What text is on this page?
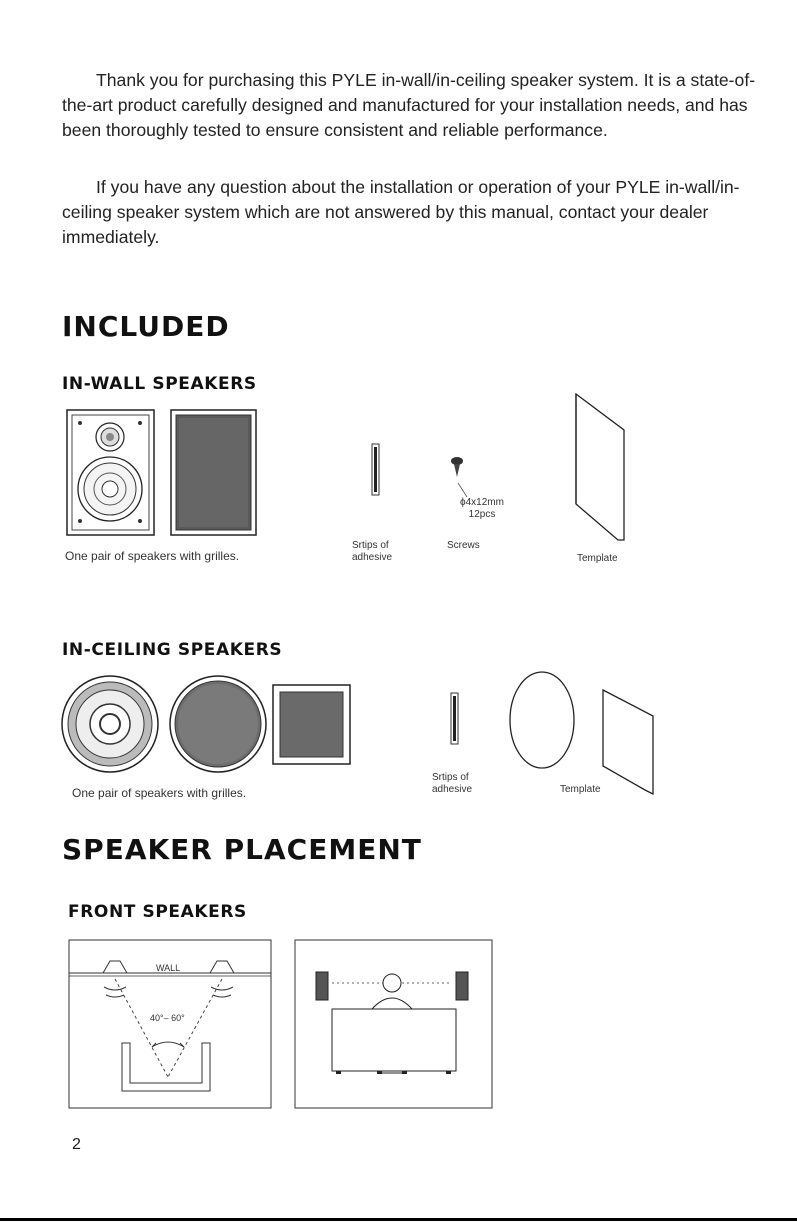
Thank you for purchasing this PYLE in-wall/in-ceiling speaker system. It is a state-of-the-art product carefully designed and manufactured for your installation needs, and has been thoroughly tested to ensure consistent and reliable performance.
If you have any question about the installation or operation of your PYLE in-wall/in-ceiling speaker system which are not answered by this manual, contact your dealer immediately.
INCLUDED
IN-WALL SPEAKERS
One pair of speakers with grilles.
Srtips of
adhesive
ϕ4x12mm
12pcs
Screws
Template
IN-CEILING SPEAKERS
One pair of speakers with grilles.
Srtips of
adhesive	Template
SPEAKER PLACEMENT
FRONT SPEAKERS
WALL
40°– 60°
2
